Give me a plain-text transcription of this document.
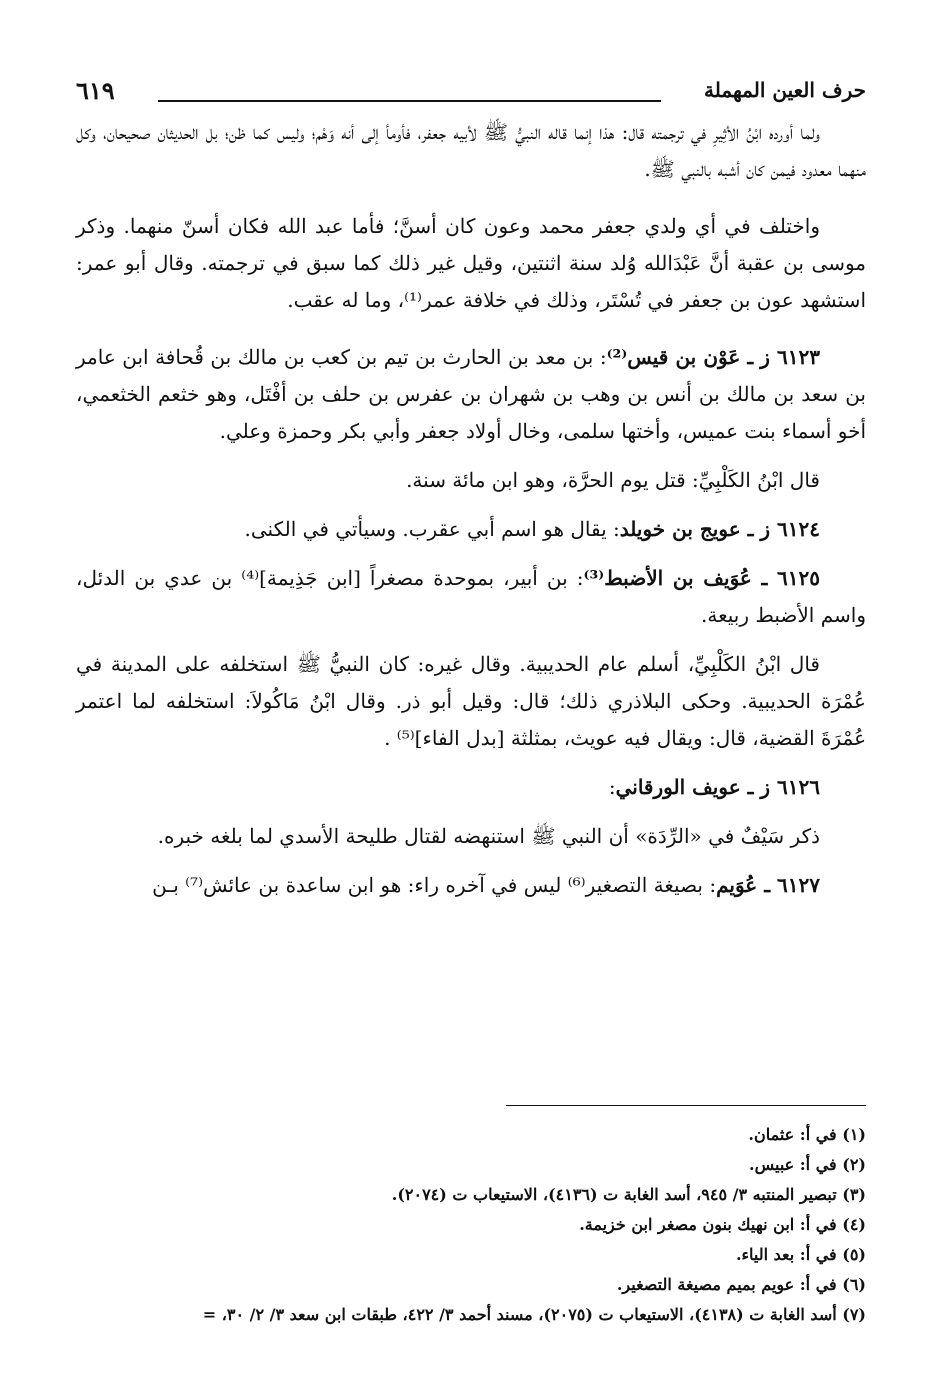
حرف العين المهملة
٦١٩

ولما أورده ابْنُ الأثِيرِ في ترجمته قال: هذا إنما قاله النبيُّ ﷺ لأبيه جعفر، فأومأ إلى أنه وَهْم؛ وليس كما ظن؛ بل الحديثان صحيحان، وكل منهما معدود فيمن كان أشبه بالنبي ﷺ.

واختلف في أي ولدي جعفر محمد وعون كان أسنَّ؛ فأما عبد الله فكان أسنّ منهما. وذكر موسى بن عقبة أنَّ عَبْدَالله وُلد سنة اثنتين، وقيل غير ذلك كما سبق في ترجمته. وقال أبو عمر: استشهد عون بن جعفر في تُسْتَر، وذلك في خلافة عمر⁽¹⁾، وما له عقب.

٦١٢٣ ز ـ عَوْن بن قيس⁽²⁾: بن معد بن الحارث بن تيم بن كعب بن مالك بن قُحافة ابن عامر بن سعد بن مالك بن أنس بن وهب بن شهران بن عفرس بن حلف بن أفْتَل، وهو خثعم الخثعمي، أخو أسماء بنت عميس، وأختها سلمى، وخال أولاد جعفر وأبي بكر وحمزة وعلي.

قال ابْنُ الكَلْبِيِّ: قتل يوم الحرَّة، وهو ابن مائة سنة.

٦١٢٤ ز ـ عويج بن خويلد: يقال هو اسم أبي عقرب. وسيأتي في الكنى.

٦١٢٥ ـ عُوَيف بن الأضبط⁽³⁾: بن أبير، بموحدة مصغراً [ابن جَذِيمة]⁽⁴⁾ بن عدي بن الدئل، واسم الأضبط ربيعة.

قال ابْنُ الكَلْبِيِّ، أسلم عام الحديبية. وقال غيره: كان النبيُّ ﷺ استخلفه على المدينة في عُمْرَة الحديبية. وحكى البلاذري ذلك؛ قال: وقيل أبو ذر. وقال ابْنُ مَاكُولاَ: استخلفه لما اعتمر عُمْرَةَ القضية، قال: ويقال فيه عويث، بمثلثة [بدل الفاء]⁽⁵⁾ .

٦١٢٦ ز ـ عويف الورقاني:

ذكر سَيْفٌ في «الرِّدَة» أن النبي ﷺ استنهضه لقتال طليحة الأسدي لما بلغه خبره.

٦١٢٧ ـ عُوَيم: بصيغة التصغير⁽⁶⁾ ليس في آخره راء: هو ابن ساعدة بن عائش⁽⁷⁾ بـن

(١) في أ: عثمان.
(٢) في أ: عبيس.
(٣) تبصير المنتبه ٣/ ٩٤٥، أسد الغابة ت (٤١٣٦)، الاستيعاب ت (٢٠٧٤).
(٤) في أ: ابن نهيك بنون مصغر ابن خزيمة.
(٥) في أ: بعد الياء.
(٦) في أ: عويم بميم مصيغة التصغير.
(٧) أسد الغابة ت (٤١٣٨)، الاستيعاب ت (٢٠٧٥)، مسند أحمد ٣/ ٤٢٢، طبقات ابن سعد ٣/ ٢/ ٣٠، =
